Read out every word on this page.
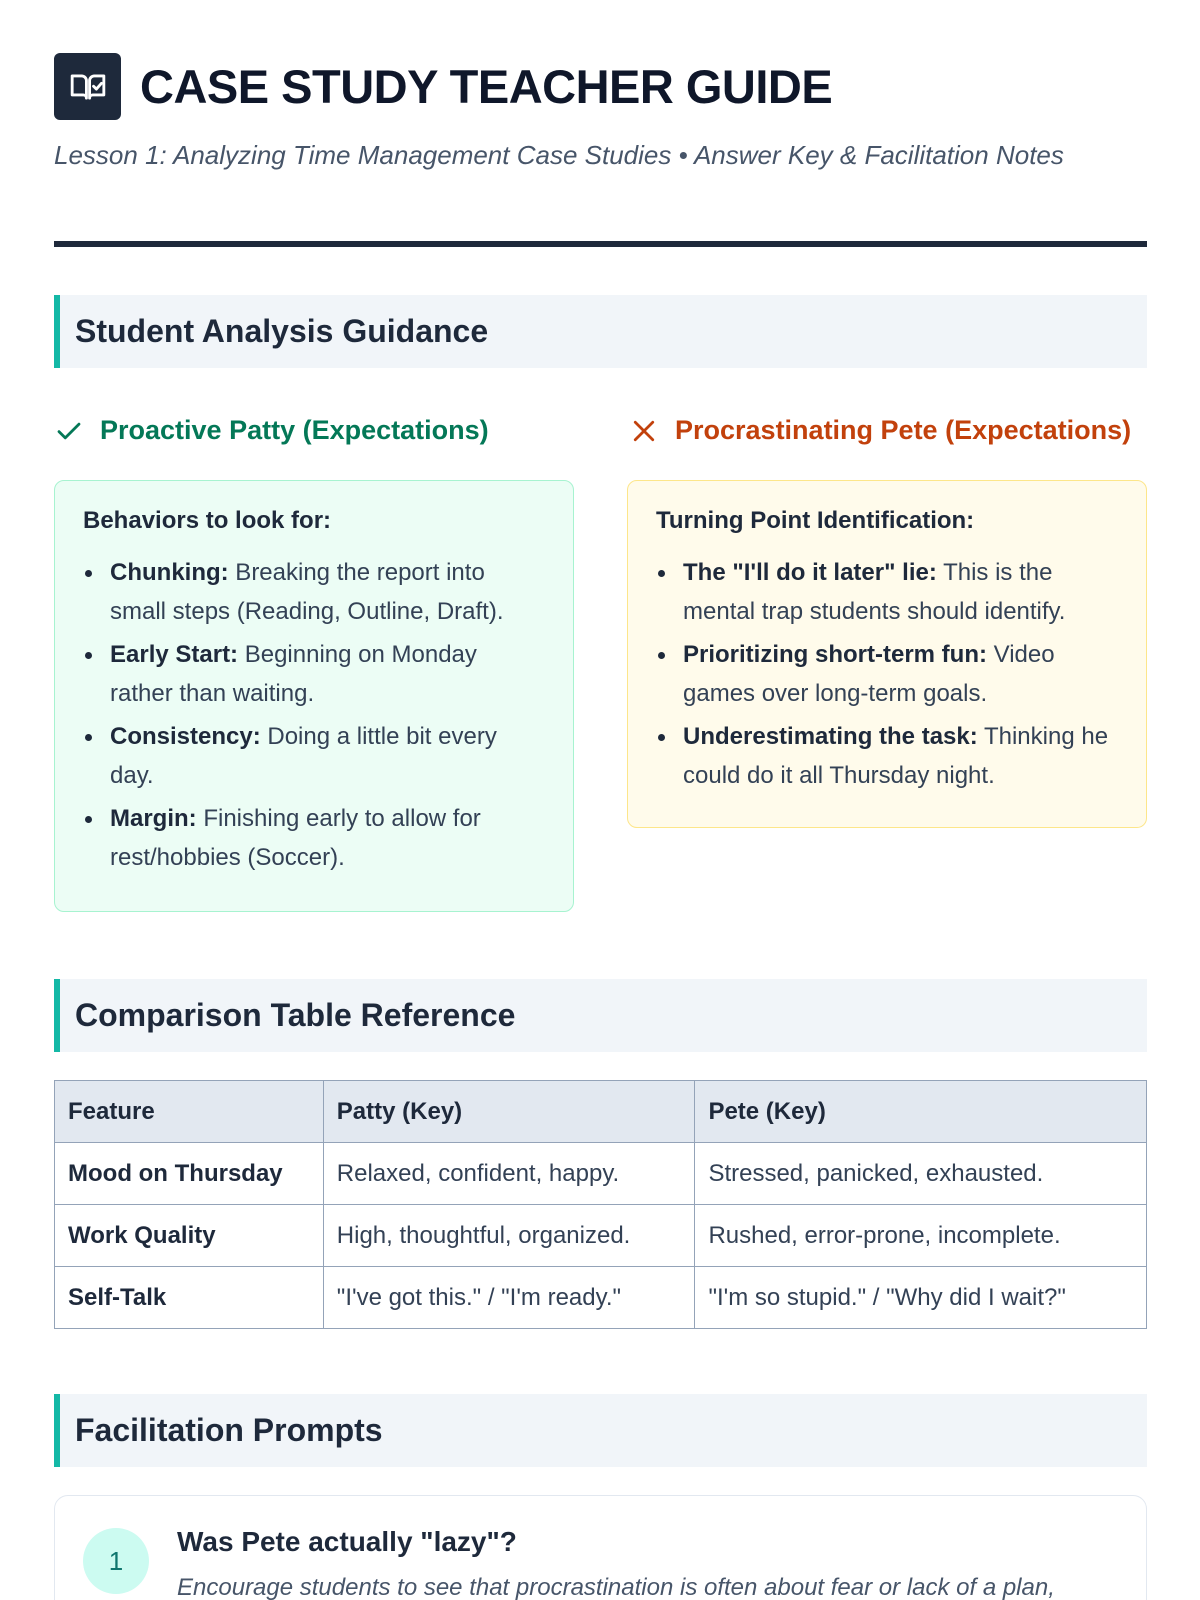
CASE STUDY TEACHER GUIDE
Lesson 1: Analyzing Time Management Case Studies • Answer Key & Facilitation Notes
Student Analysis Guidance
Proactive Patty (Expectations)	Procrastinating Pete (Expectations)
Behaviors to look for:
Chunking: Breaking the report into small steps (Reading, Outline, Draft).
Early Start: Beginning on Monday rather than waiting.
Consistency: Doing a little bit every day.
Margin: Finishing early to allow for rest/hobbies (Soccer).
Turning Point Identification:
The "I'll do it later" lie: This is the mental trap students should identify.
Prioritizing short-term fun: Video games over long-term goals.
Underestimating the task: Thinking he could do it all Thursday night.
Comparison Table Reference
Feature	Patty (Key)	Pete (Key)
Mood on Thursday	Relaxed, confident, happy.	Stressed, panicked, exhausted.
Work Quality	High, thoughtful, organized.	Rushed, error-prone, incomplete.
Self-Talk	"I've got this." / "I'm ready."	"I'm so stupid." / "Why did I wait?"
Facilitation Prompts
1
Was Pete actually "lazy"?
Encourage students to see that procrastination is often about fear or lack of a plan,
